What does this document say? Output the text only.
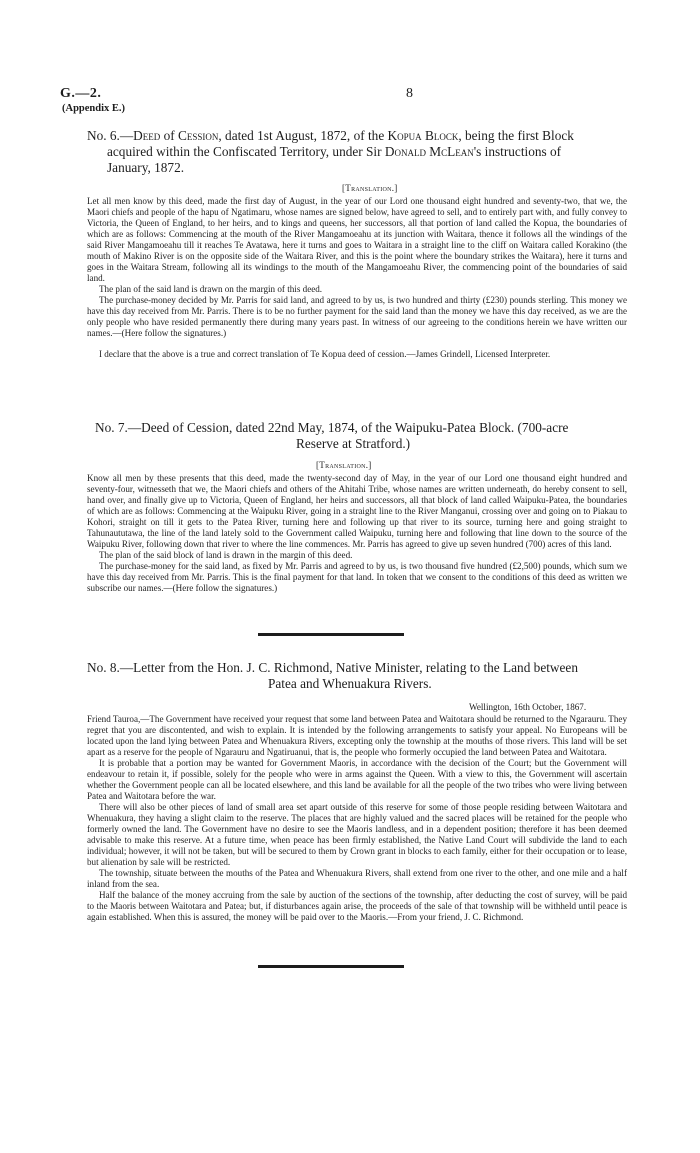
G.—2.
(Appendix E.)
8
No. 6.—Deed of Cession, dated 1st August, 1872, of the Kopua Block, being the first Block
acquired within the Confiscated Territory, under Sir Donald McLean's instructions of
January, 1872.
[Translation.]

Let all men know by this deed, made the first day of August, in the year of our Lord one thousand eight hundred and seventy-two, that we, the Maori chiefs and people of the hapu of Ngatimaru, whose names are signed below, have agreed to sell, and to entirely part with, and fully convey to Victoria, the Queen of England, to her heirs, and to kings and queens, her successors, all that portion of land called the Kopua, the boundaries of which are as follows: Commencing at the mouth of the River Mangamoeahu at its junction with Waitara, thence it follows all the windings of the said River Mangamoeahu till it reaches Te Avatawa, here it turns and goes to Waitara in a straight line to the cliff on Waitara called Korakino (the mouth of Makino River is on the opposite side of the Waitara River, and this is the point where the boundary strikes the Waitara), here it turns and goes in the Waitara Stream, following all its windings to the mouth of the Mangamoeahu River, the commencing point of the boundaries of said land.

The plan of the said land is drawn on the margin of this deed.

The purchase-money decided by Mr. Parris for said land, and agreed to by us, is two hundred and thirty (£230) pounds sterling. This money we have this day received from Mr. Parris. There is to be no further payment for the said land than the money we have this day received, as we are the only people who have resided permanently there during many years past. In witness of our agreeing to the conditions herein we have written our names.—(Here follow the signatures.)

I declare that the above is a true and correct translation of Te Kopua deed of cession.—James Grindell, Licensed Interpreter.

No. 7.—Deed of Cession, dated 22nd May, 1874, of the Waipuku-Patea Block. (700-acre
Reserve at Stratford.)
[Translation.]

Know all men by these presents that this deed, made the twenty-second day of May, in the year of our Lord one thousand eight hundred and seventy-four, witnesseth that we, the Maori chiefs and others of the Ahitahi Tribe, whose names are written underneath, do hereby consent to sell, hand over, and finally give up to Victoria, Queen of England, her heirs and successors, all that block of land called Waipuku-Patea, the boundaries of which are as follows: Commencing at the Waipuku River, going in a straight line to the River Manganui, crossing over and going on to Piakau to Kohori, straight on till it gets to the Patea River, turning here and following up that river to its source, turning here and going straight to Tahunaututawa, the line of the land lately sold to the Government called Waipuku, turning here and following that line down to the source of the Waipuku River, following down that river to where the line commences. Mr. Parris has agreed to give up seven hundred (700) acres of this land.

The plan of the said block of land is drawn in the margin of this deed.

The purchase-money for the said land, as fixed by Mr. Parris and agreed to by us, is two thousand five hundred (£2,500) pounds, which sum we have this day received from Mr. Parris. This is the final payment for that land. In token that we consent to the conditions of this deed as written we subscribe our names.—(Here follow the signatures.)

No. 8.—Letter from the Hon. J. C. Richmond, Native Minister, relating to the Land between
Patea and Whenuakura Rivers.
Wellington, 16th October, 1867.

Friend Tauroa,—The Government have received your request that some land between Patea and Waitotara should be returned to the Ngarauru. They regret that you are discontented, and wish to explain. It is intended by the following arrangements to satisfy your appeal. No Europeans will be located upon the land lying between Patea and Whenuakura Rivers, excepting only the township at the mouths of those rivers. This land will be set apart as a reserve for the people of Ngarauru and Ngatiruanui, that is, the people who formerly occupied the land between Patea and Waitotara.

It is probable that a portion may be wanted for Government Maoris, in accordance with the decision of the Court; but the Government will endeavour to retain it, if possible, solely for the people who were in arms against the Queen. With a view to this, the Government will ascertain whether the Government people can all be located elsewhere, and this land be available for all the people of the two tribes who were living between Patea and Waitotara before the war.

There will also be other pieces of land of small area set apart outside of this reserve for some of those people residing between Waitotara and Whenuakura, they having a slight claim to the reserve. The places that are highly valued and the sacred places will be retained for the people who formerly owned the land. The Government have no desire to see the Maoris landless, and in a dependent position; therefore it has been deemed advisable to make this reserve. At a future time, when peace has been firmly established, the Native Land Court will subdivide the land to each individual; however, it will not be taken, but will be secured to them by Crown grant in blocks to each family, either for their occupation or to lease, but alienation by sale will be restricted.

The township, situate between the mouths of the Patea and Whenuakura Rivers, shall extend from one river to the other, and one mile and a half inland from the sea.

Half the balance of the money accruing from the sale by auction of the sections of the township, after deducting the cost of survey, will be paid to the Maoris between Waitotara and Patea; but, if disturbances again arise, the proceeds of the sale of that township will be withheld until peace is again established. When this is assured, the money will be paid over to the Maoris.—From your friend, J. C. Richmond.
